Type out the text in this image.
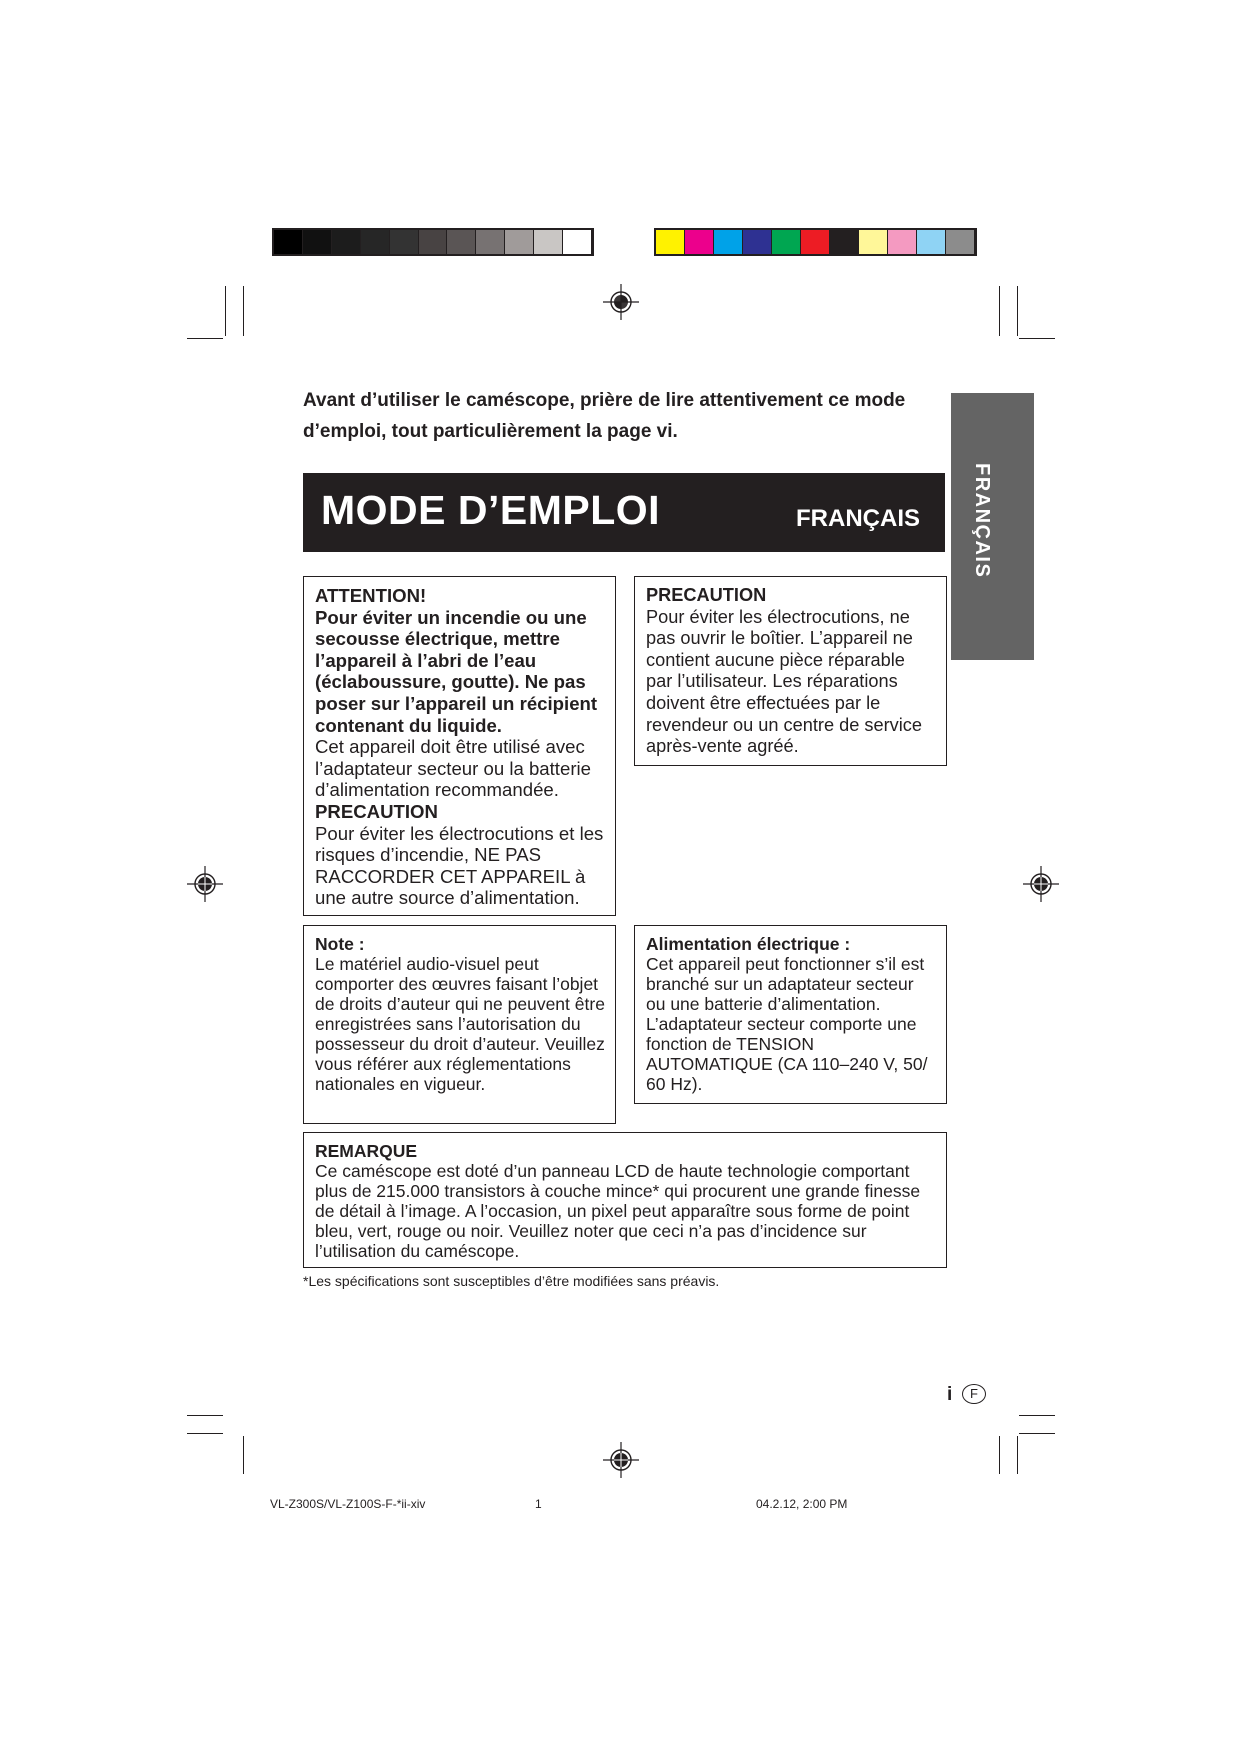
Avant d’utiliser le caméscope, prière de lire attentivement ce mode d’emploi, tout particulièrement la page vi.
MODE D’EMPLOI	FRANÇAIS	FRANÇAIS

ATTENTION!

Pour éviter un incendie ou une secousse électrique, mettre l’appareil à l’abri de l’eau (éclaboussure, goutte). Ne pas poser sur l’appareil un récipient contenant du liquide.

Cet appareil doit être utilisé avec l’adaptateur secteur ou la batterie d’alimentation recommandée.

PRECAUTION

Pour éviter les électrocutions et les risques d’incendie, NE PAS RACCORDER CET APPAREIL à une autre source d’alimentation.

PRECAUTION

Pour éviter les électrocutions, ne pas ouvrir le boîtier. L’appareil ne contient aucune pièce réparable par l’utilisateur. Les réparations doivent être effectuées par le revendeur ou un centre de service après-vente agréé.

Note :

Le matériel audio-visuel peut comporter des œuvres faisant l’objet de droits d’auteur qui ne peuvent être enregistrées sans l’autorisation du possesseur du droit d’auteur. Veuillez vous référer aux réglementations nationales en vigueur.

Alimentation électrique :

Cet appareil peut fonctionner s’il est branché sur un adaptateur secteur ou une batterie d’alimentation. L’adaptateur secteur comporte une fonction de TENSION AUTOMATIQUE (CA 110–240 V, 50/ 60 Hz).

REMARQUE

Ce caméscope est doté d’un panneau LCD de haute technologie comportant plus de 215.000 transistors à couche mince* qui procurent une grande finesse de détail à l’image. A l’occasion, un pixel peut apparaître sous forme de point bleu, vert, rouge ou noir. Veuillez noter que ceci n’a pas d’incidence sur l’utilisation du caméscope.

*Les spécifications sont susceptibles d’être modifiées sans préavis.
i	F
VL-Z300S/VL-Z100S-F-*ii-xiv	1	04.2.12, 2:00 PM
